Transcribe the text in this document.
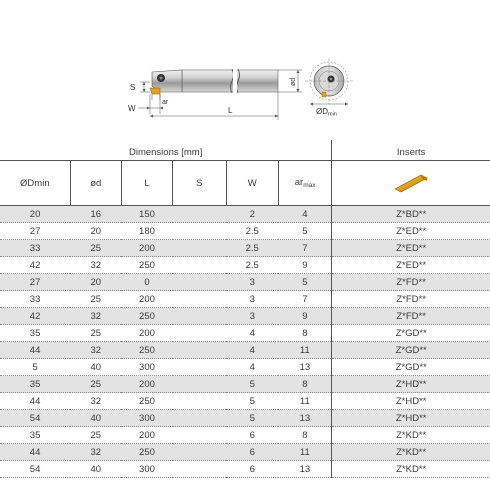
S
ar
W	L
ød
ØDmin
Dimensions [mm]						Inserts
ØDmin	ød	L	S	W	$ar_{max}$	
20	16	150		2	4	Z*BD**
27	20	180		2.5	5	Z*ED**
33	25	200		2.5	7	Z*ED**
42	32	250		2.5	9	Z*ED**
27	20	0		3	5	Z*FD**
33	25	200		3	7	Z*FD**
42	32	250		3	9	Z*FD**
35	25	200		4	8	Z*GD**
44	32	250		4	11	Z*GD**
5	40	300		4	13	Z*GD**
35	25	200		5	8	Z*HD**
44	32	250		5	11	Z*HD**
54	40	300		5	13	Z*HD**
35	25	200		6	8	Z*KD**
44	32	250		6	11	Z*KD**
54	40	300		6	13	Z*KD**
